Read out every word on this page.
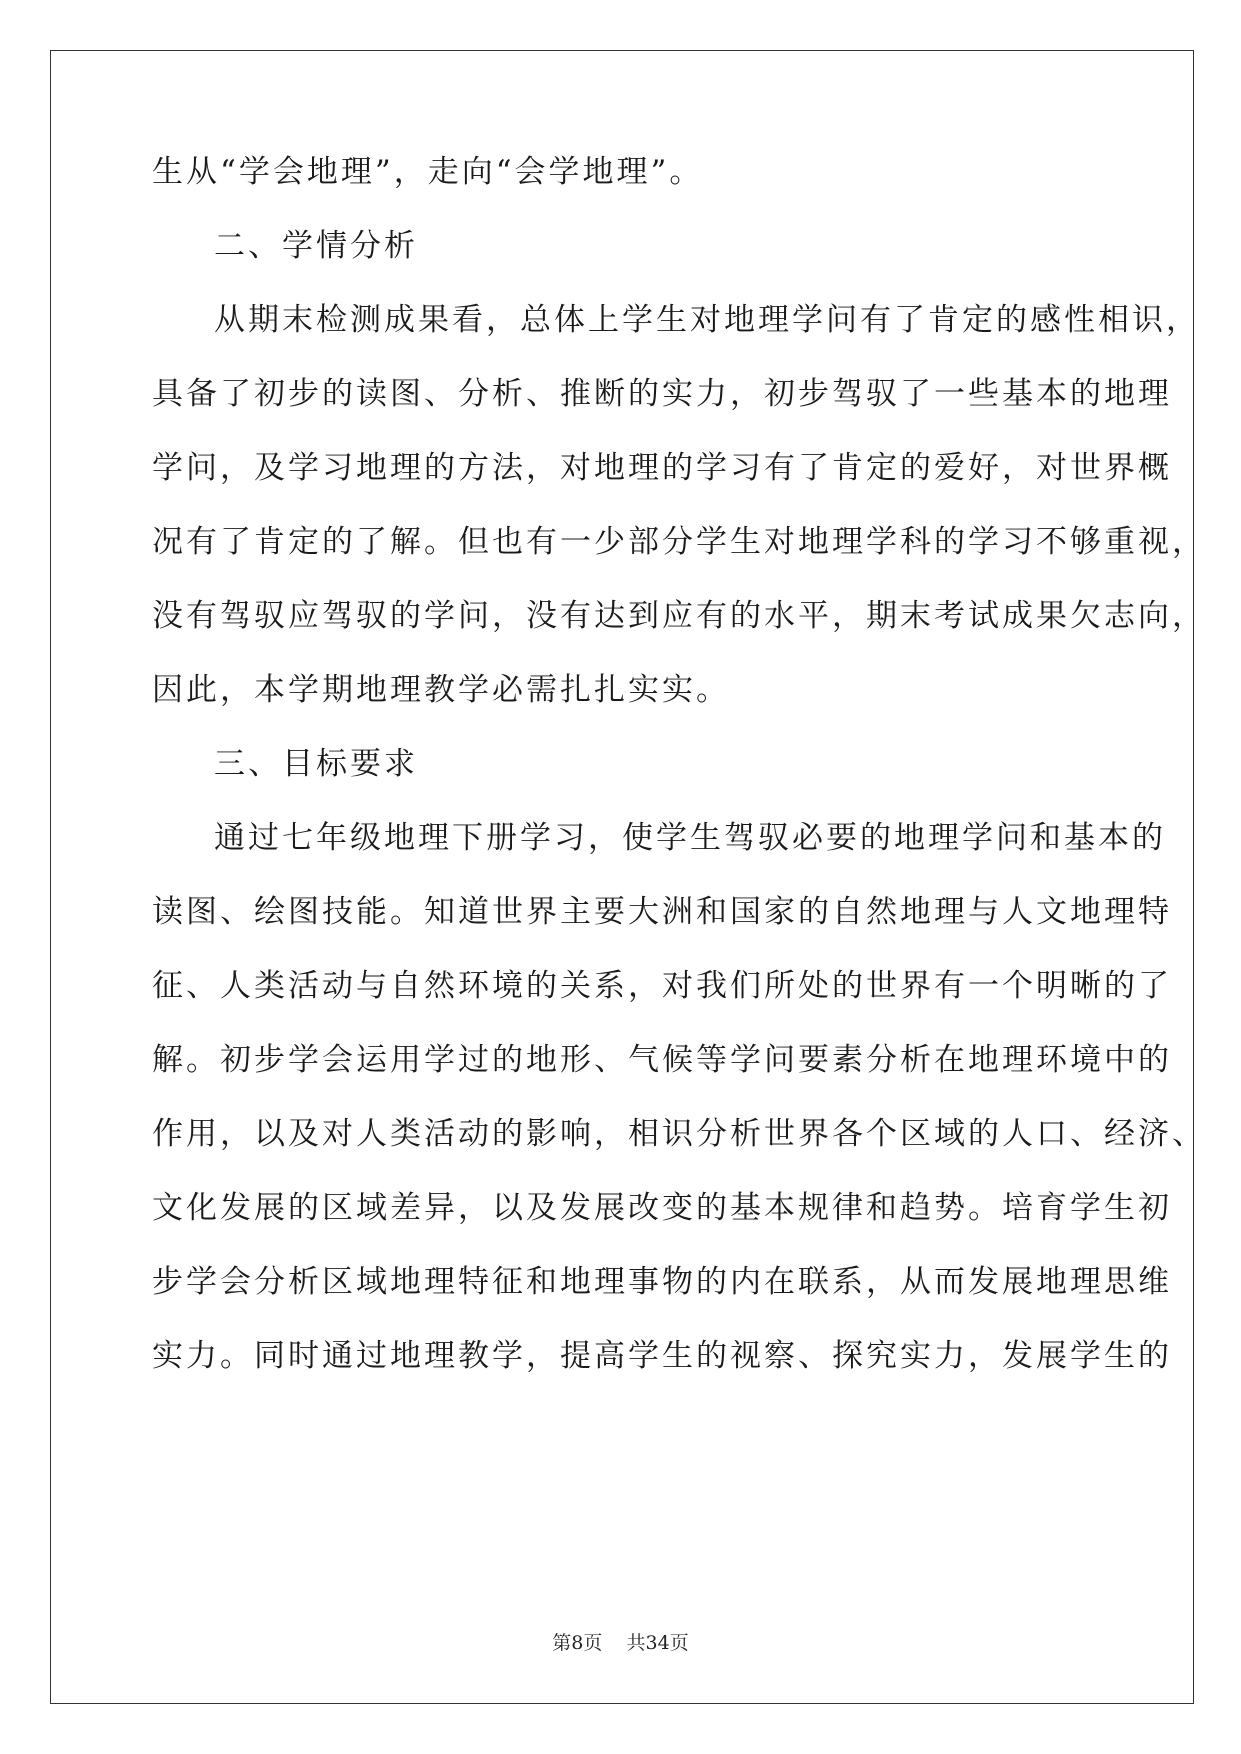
生从“学会地理”，走向“会学地理”。
二、学情分析
从期末检测成果看，总体上学生对地理学问有了肯定的感性相识，
具备了初步的读图、分析、推断的实力，初步驾驭了一些基本的地理
学问，及学习地理的方法，对地理的学习有了肯定的爱好，对世界概
况有了肯定的了解。但也有一少部分学生对地理学科的学习不够重视，
没有驾驭应驾驭的学问，没有达到应有的水平，期末考试成果欠志向，
因此，本学期地理教学必需扎扎实实。
三、目标要求
通过七年级地理下册学习，使学生驾驭必要的地理学问和基本的
读图、绘图技能。知道世界主要大洲和国家的自然地理与人文地理特
征、人类活动与自然环境的关系，对我们所处的世界有一个明晰的了
解。初步学会运用学过的地形、气候等学问要素分析在地理环境中的
作用，以及对人类活动的影响，相识分析世界各个区域的人口、经济、
文化发展的区域差异，以及发展改变的基本规律和趋势。培育学生初
步学会分析区域地理特征和地理事物的内在联系，从而发展地理思维
实力。同时通过地理教学，提高学生的视察、探究实力，发展学生的
第8页 共34页
